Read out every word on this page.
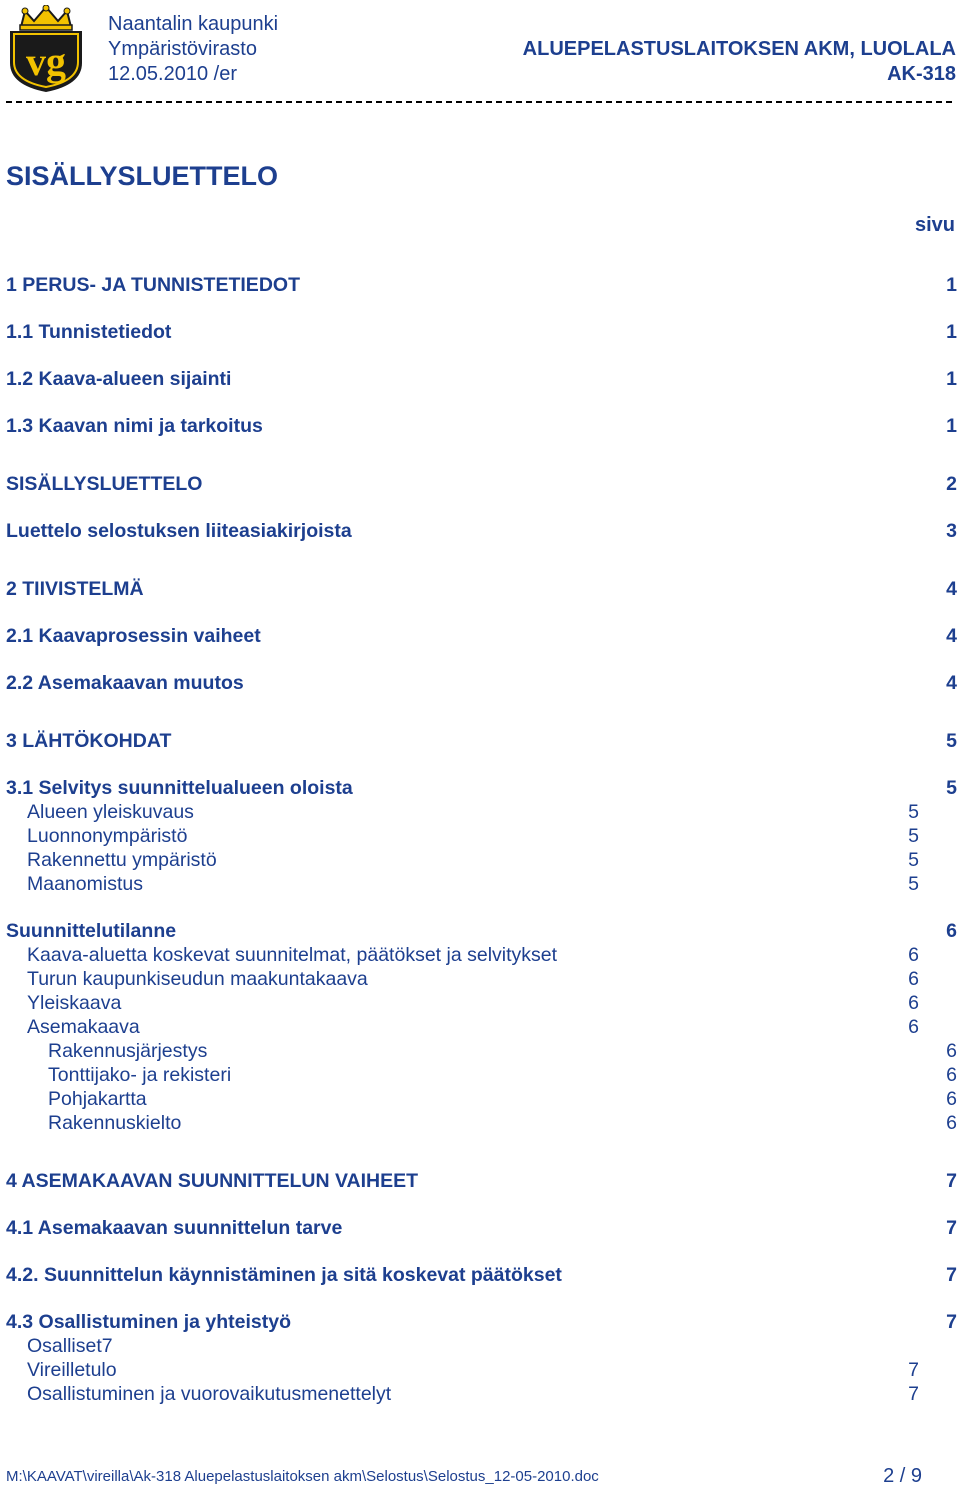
vg
Naantalin kaupunki
Ympäristövirasto
12.05.2010 /er
ALUEPELASTUSLAITOKSEN AKM, LUOLALA
AK-318
SISÄLLYSLUETTELO
sivu
1 PERUS- JA TUNNISTETIEDOT	1
1.1 Tunnistetiedot	1
1.2 Kaava-alueen sijainti	1
1.3 Kaavan nimi ja tarkoitus	1
SISÄLLYSLUETTELO	2
Luettelo selostuksen liiteasiakirjoista	3
2 TIIVISTELMÄ	4
2.1 Kaavaprosessin vaiheet	4
2.2 Asemakaavan muutos	4
3 LÄHTÖKOHDAT	5
3.1 Selvitys suunnittelualueen oloista	5
Alueen yleiskuvaus	5
Luonnonympäristö	5
Rakennettu ympäristö	5
Maanomistus	5
Suunnittelutilanne	6
Kaava-aluetta koskevat suunnitelmat, päätökset ja selvitykset	6
Turun kaupunkiseudun maakuntakaava	6
Yleiskaava	6
Asemakaava	6
Rakennusjärjestys	6
Tonttijako- ja rekisteri	6
Pohjakartta	6
Rakennuskielto	6
4 ASEMAKAAVAN SUUNNITTELUN VAIHEET	7
4.1 Asemakaavan suunnittelun tarve	7
4.2. Suunnittelun käynnistäminen ja sitä koskevat päätökset	7
4.3 Osallistuminen ja yhteistyö	7
Osalliset7
Vireilletulo	7
Osallistuminen ja vuorovaikutusmenettelyt	7
M:\KAAVAT\vireilla\Ak-318 Aluepelastuslaitoksen akm\Selostus\Selostus_12-05-2010.doc	2 / 9
